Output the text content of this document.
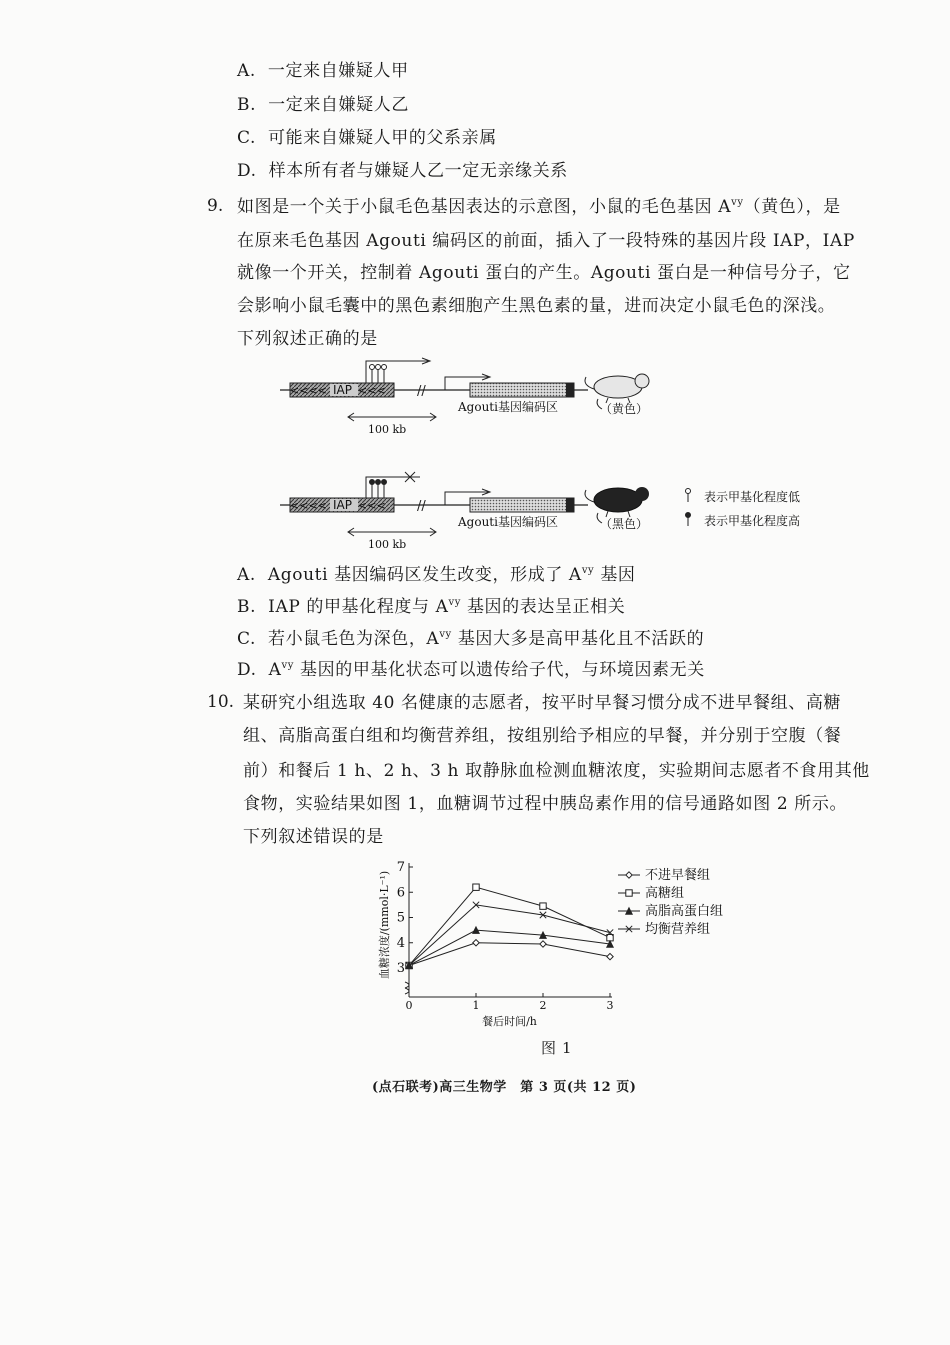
A. 一定来自嫌疑人甲
B. 一定来自嫌疑人乙
C. 可能来自嫌疑人甲的父系亲属
D. 样本所有者与嫌疑人乙一定无亲缘关系
9. 如图是一个关于小鼠毛色基因表达的示意图，小鼠的毛色基因 $A^{vy}$（黄色），是
在原来毛色基因 Agouti 编码区的前面，插入了一段特殊的基因片段 IAP，IAP
就像一个开关，控制着 Agouti 蛋白的产生。Agouti 蛋白是一种信号分子，它
会影响小鼠毛囊中的黑色素细胞产生黑色素的量，进而决定小鼠毛色的深浅。
下列叙述正确的是
<<<<	<<<
IAP	//
Agouti基因编码区
100 kb
（黄色）
<<<<	<<<
IAP	//
Agouti基因编码区
100 kb
（黑色）
表示甲基化程度低
表示甲基化程度高
A. Agouti 基因编码区发生改变，形成了 $A^{vy}$ 基因
B. IAP 的甲基化程度与 $A^{vy}$ 基因的表达呈正相关
C. 若小鼠毛色为深色，$A^{vy}$ 基因大多是高甲基化且不活跃的
D. $A^{vy}$ 基因的甲基化状态可以遗传给子代，与环境因素无关
10. 某研究小组选取 40 名健康的志愿者，按平时早餐习惯分成不进早餐组、高糖
组、高脂高蛋白组和均衡营养组，按组别给予相应的早餐，并分别于空腹（餐
前）和餐后 1 h、2 h、3 h 取静脉血检测血糖浓度，实验期间志愿者不食用其他
食物，实验结果如图 1，血糖调节过程中胰岛素作用的信号通路如图 2 所示。
下列叙述错误的是
3
4
5
6
7
0	1	2	3
不进早餐组
高糖组
高脂高蛋白组
均衡营养组
血糖浓度/(mmol·L⁻¹)
餐后时间/h
图 1
(点石联考)高三生物学　第 3 页(共 12 页)
